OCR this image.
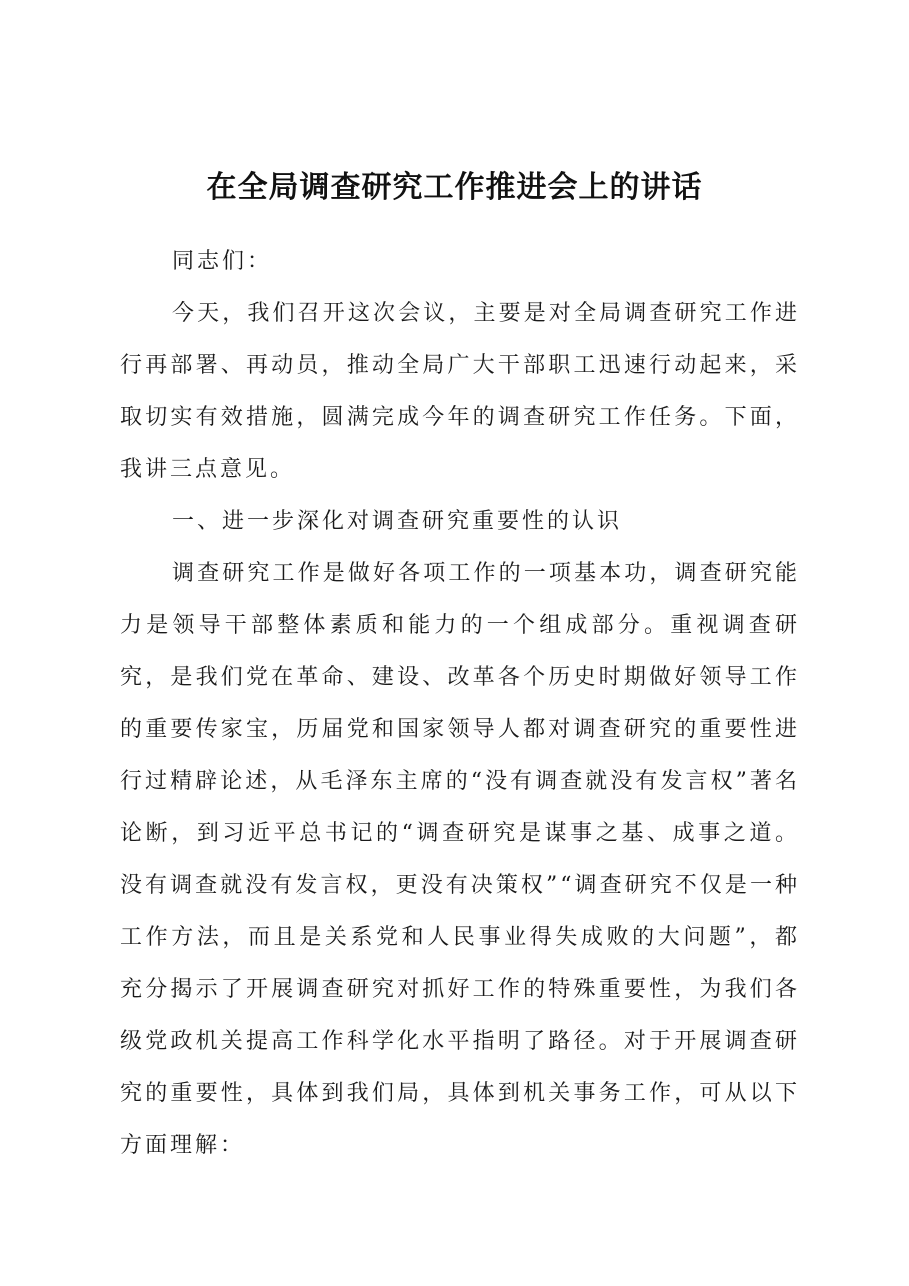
在全局调查研究工作推进会上的讲话

同志们：

今天，我们召开这次会议，主要是对全局调查研究工作进行再部署、再动员，推动全局广大干部职工迅速行动起来，采取切实有效措施，圆满完成今年的调查研究工作任务。下面，我讲三点意见。

一、进一步深化对调查研究重要性的认识

调查研究工作是做好各项工作的一项基本功，调查研究能力是领导干部整体素质和能力的一个组成部分。重视调查研究，是我们党在革命、建设、改革各个历史时期做好领导工作的重要传家宝，历届党和国家领导人都对调查研究的重要性进行过精辟论述，从毛泽东主席的“没有调查就没有发言权”著名论断，到习近平总书记的“调查研究是谋事之基、成事之道。没有调查就没有发言权，更没有决策权”“调查研究不仅是一种工作方法，而且是关系党和人民事业得失成败的大问题”，都充分揭示了开展调查研究对抓好工作的特殊重要性，为我们各级党政机关提高工作科学化水平指明了路径。对于开展调查研究的重要性，具体到我们局，具体到机关事务工作，可从以下方面理解：
